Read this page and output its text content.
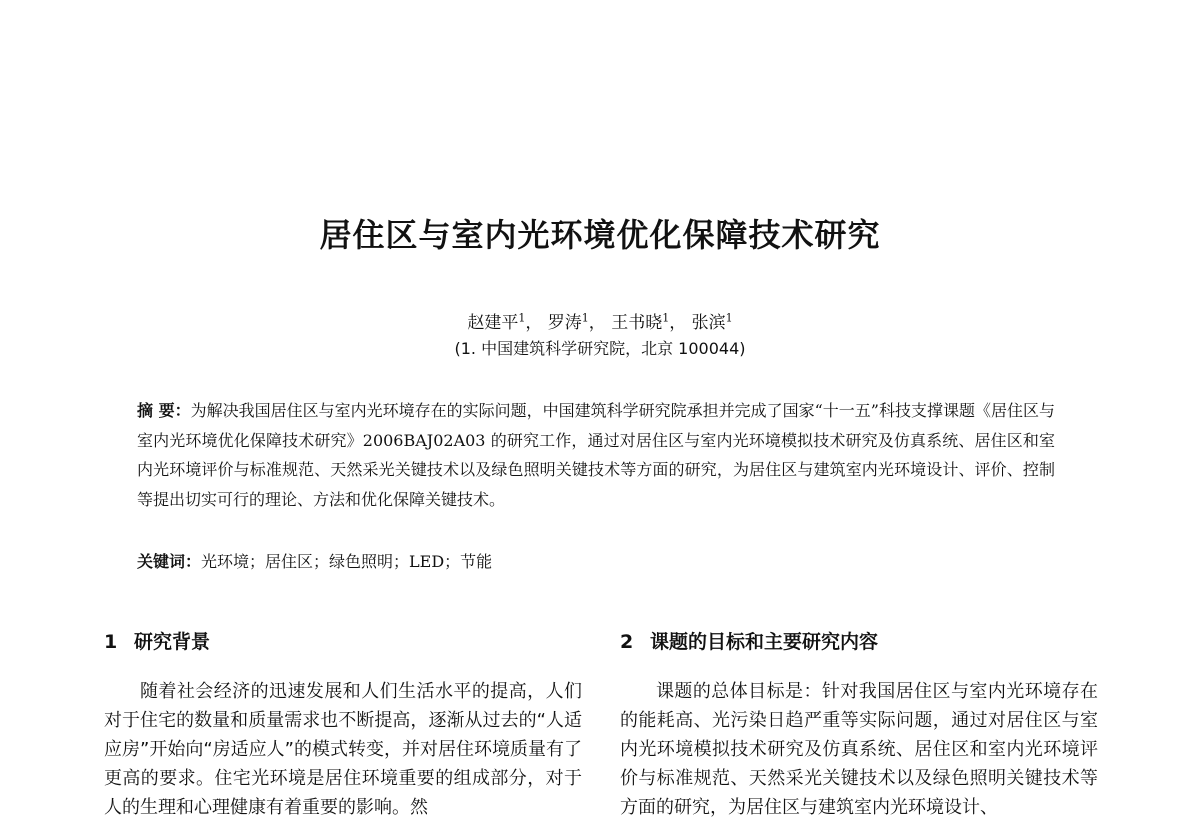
居住区与室内光环境优化保障技术研究
赵建平$^1$， 罗涛$^1$， 王书晓$^1$， 张滨$^1$
(1. 中国建筑科学研究院，北京 100044)
摘 要：为解决我国居住区与室内光环境存在的实际问题，中国建筑科学研究院承担并完成了国家“十一五”科技支撑课题《居住区与室内光环境优化保障技术研究》2006BAJ02A03 的研究工作，通过对居住区与室内光环境模拟技术研究及仿真系统、居住区和室内光环境评价与标准规范、天然采光关键技术以及绿色照明关键技术等方面的研究，为居住区与建筑室内光环境设计、评价、控制等提出切实可行的理论、方法和优化保障关键技术。
关键词：光环境；居住区；绿色照明；LED；节能
1 研究背景

随着社会经济的迅速发展和人们生活水平的提高，人们对于住宅的数量和质量需求也不断提高，逐渐从过去的“人适应房”开始向“房适应人”的模式转变，并对居住环境质量有了更高的要求。住宅光环境是居住环境重要的组成部分，对于人的生理和心理健康有着重要的影响。然

2 课题的目标和主要研究内容

课题的总体目标是：针对我国居住区与室内光环境存在的能耗高、光污染日趋严重等实际问题，通过对居住区与室内光环境模拟技术研究及仿真系统、居住区和室内光环境评价与标准规范、天然采光关键技术以及绿色照明关键技术等方面的研究，为居住区与建筑室内光环境设计、
